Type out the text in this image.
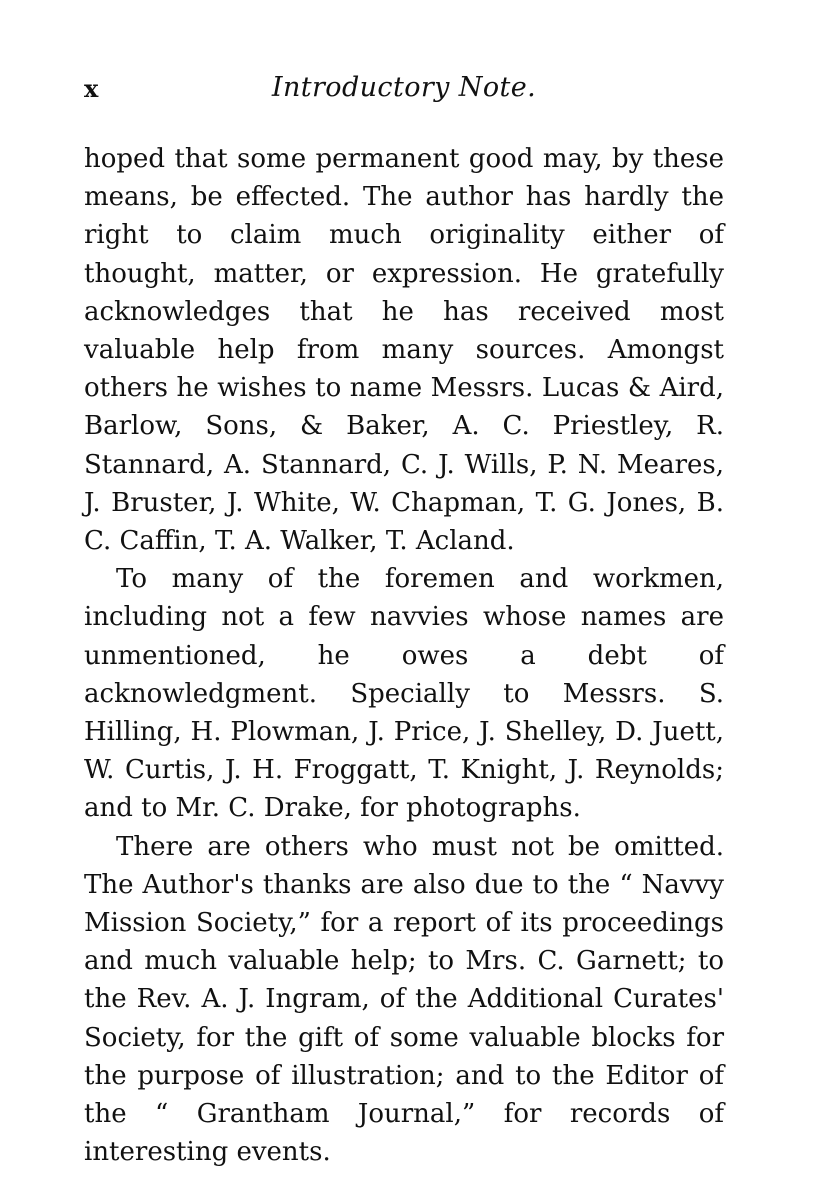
x	Introductory Note.

hoped that some permanent good may, by these means, be effected. The author has hardly the right to claim much originality either of thought, matter, or expression. He gratefully acknowledges that he has received most valuable help from many sources. Amongst others he wishes to name Messrs. Lucas & Aird, Barlow, Sons, & Baker, A. C. Priestley, R. Stannard, A. Stannard, C. J. Wills, P. N. Meares, J. Bruster, J. White, W. Chapman, T. G. Jones, B. C. Caffin, T. A. Walker, T. Acland.

To many of the foremen and workmen, including not a few navvies whose names are unmentioned, he owes a debt of acknowledgment. Specially to Messrs. S. Hilling, H. Plowman, J. Price, J. Shelley, D. Juett, W. Curtis, J. H. Froggatt, T. Knight, J. Reynolds; and to Mr. C. Drake, for photographs.

There are others who must not be omitted. The Author's thanks are also due to the “ Navvy Mission Society,” for a report of its proceedings and much valuable help; to Mrs. C. Garnett; to the Rev. A. J. Ingram, of the Additional Curates' Society, for the gift of some valuable blocks for the purpose of illustration; and to the Editor of the “ Grantham Journal,” for records of interesting events.
